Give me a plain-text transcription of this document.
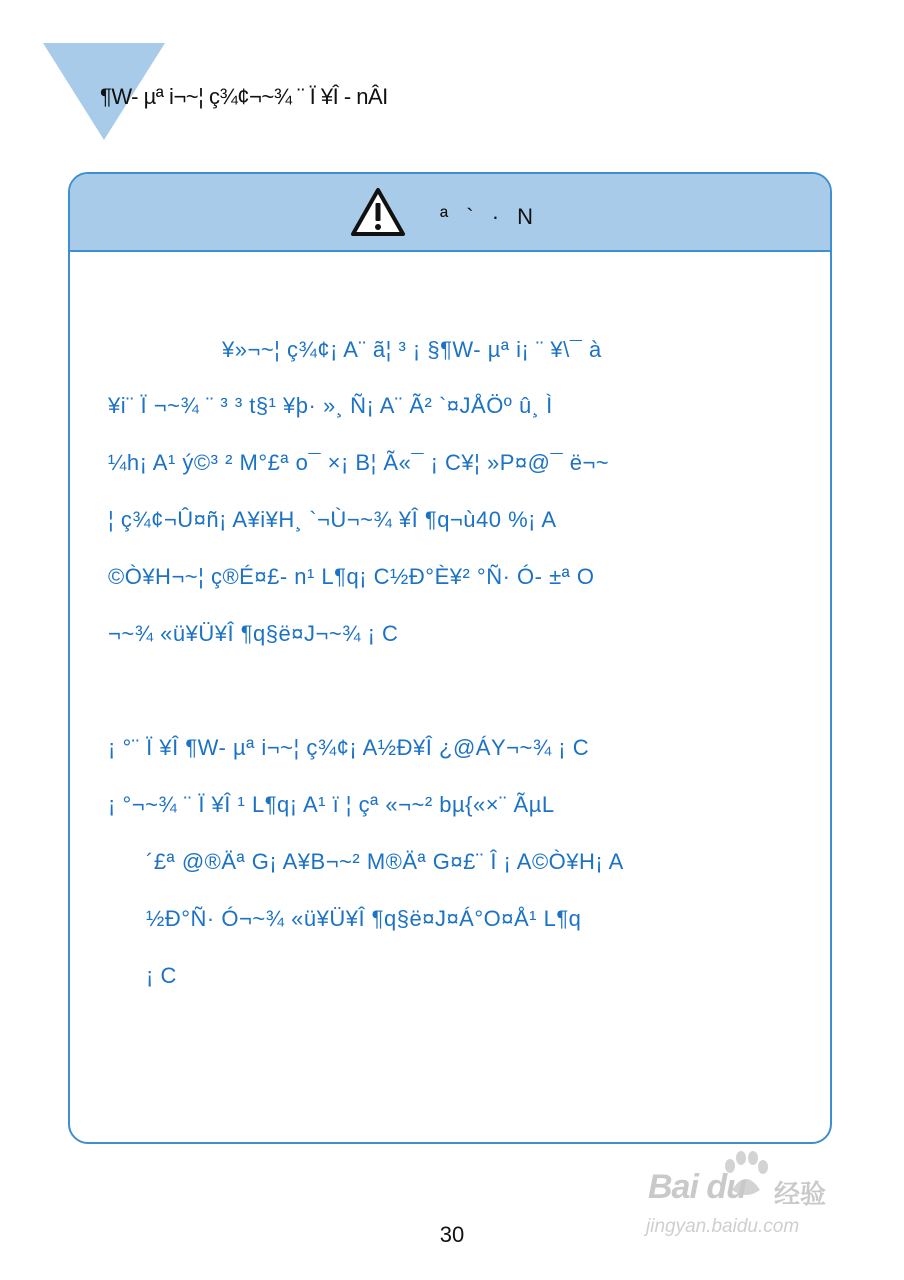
¶W- µª i¬~¦ ç¾¢¬~¾ ¨ Ï ¥Î - nÂI
ª ` · N
¥»¬~¦ ç¾¢¡ A¨ ã¦ ³ ¡ §¶W- µª i¡ ¨ ¥\¯ à
¥i¨ Ï ¬~¾ ¨ ³ ³ t§¹ ¥þ· »¸ Ñ¡ A¨ Ã² `¤JÅÖº û¸ Ì
¼h¡ A¹ ý©³ ² M°£ª o¯ ×¡ B¦ Ã«¯ ¡ C¥¦ »P¤@¯ ë¬~
¦ ç¾¢¬Û¤ñ¡ A¥i¥H¸ `¬Ù¬~¾ ¥Î ¶q¬ù40 %¡ A
©Ò¥H¬~¦ ç®É¤£- n¹ L¶q¡ C½Ð°È¥² °Ñ· Ó- ±ª O
¬~¾ «ü¥Ü¥Î ¶q§ë¤J¬~¾ ¡ C
¡ °¨ Ï ¥Î ¶W- µª i¬~¦ ç¾¢¡ A½Ð¥Î ¿@ÁY¬~¾ ¡ C
¡ °¬~¾ ¨ Ï ¥Î ¹ L¶q¡ A¹ ï ¦ çª «¬~² bµ{«×¨ ÃµL
´£ª @®Äª G¡ A¥B¬~² M®Äª G¤£¨ Î ¡ A©Ò¥H¡ A
½Ð°Ñ· Ó¬~¾ «ü¥Ü¥Î ¶q§ë¤J¤Á°O¤Å¹ L¶q
¡ C
30
Bai du 经验
jingyan.baidu.com
